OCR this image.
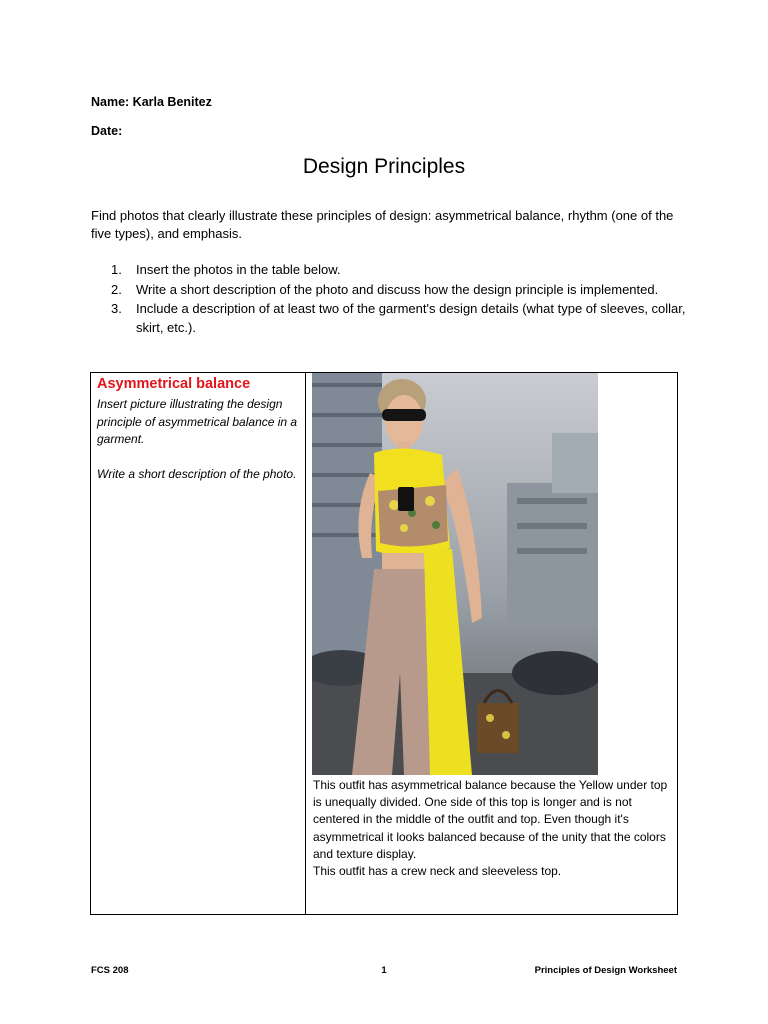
Name: Karla Benitez
Date:
Design Principles
Find photos that clearly illustrate these principles of design: asymmetrical balance, rhythm (one of the five types), and emphasis.
1. Insert the photos in the table below.
2. Write a short description of the photo and discuss how the design principle is implemented.
3. Include a description of at least two of the garment's design details (what type of sleeves, collar, skirt, etc.).
Asymmetrical balance

Insert picture illustrating the design principle of asymmetrical balance in a garment.

Write a short description of the photo.

This outfit has asymmetrical balance because the Yellow under top is unequally divided. One side of this top is longer and is not centered in the middle of the outfit and top. Even though it's asymmetrical it looks balanced because of the unity that the colors and texture display.

This outfit has a crew neck and sleeveless top.

FCS 208	1	Principles of Design Worksheet
